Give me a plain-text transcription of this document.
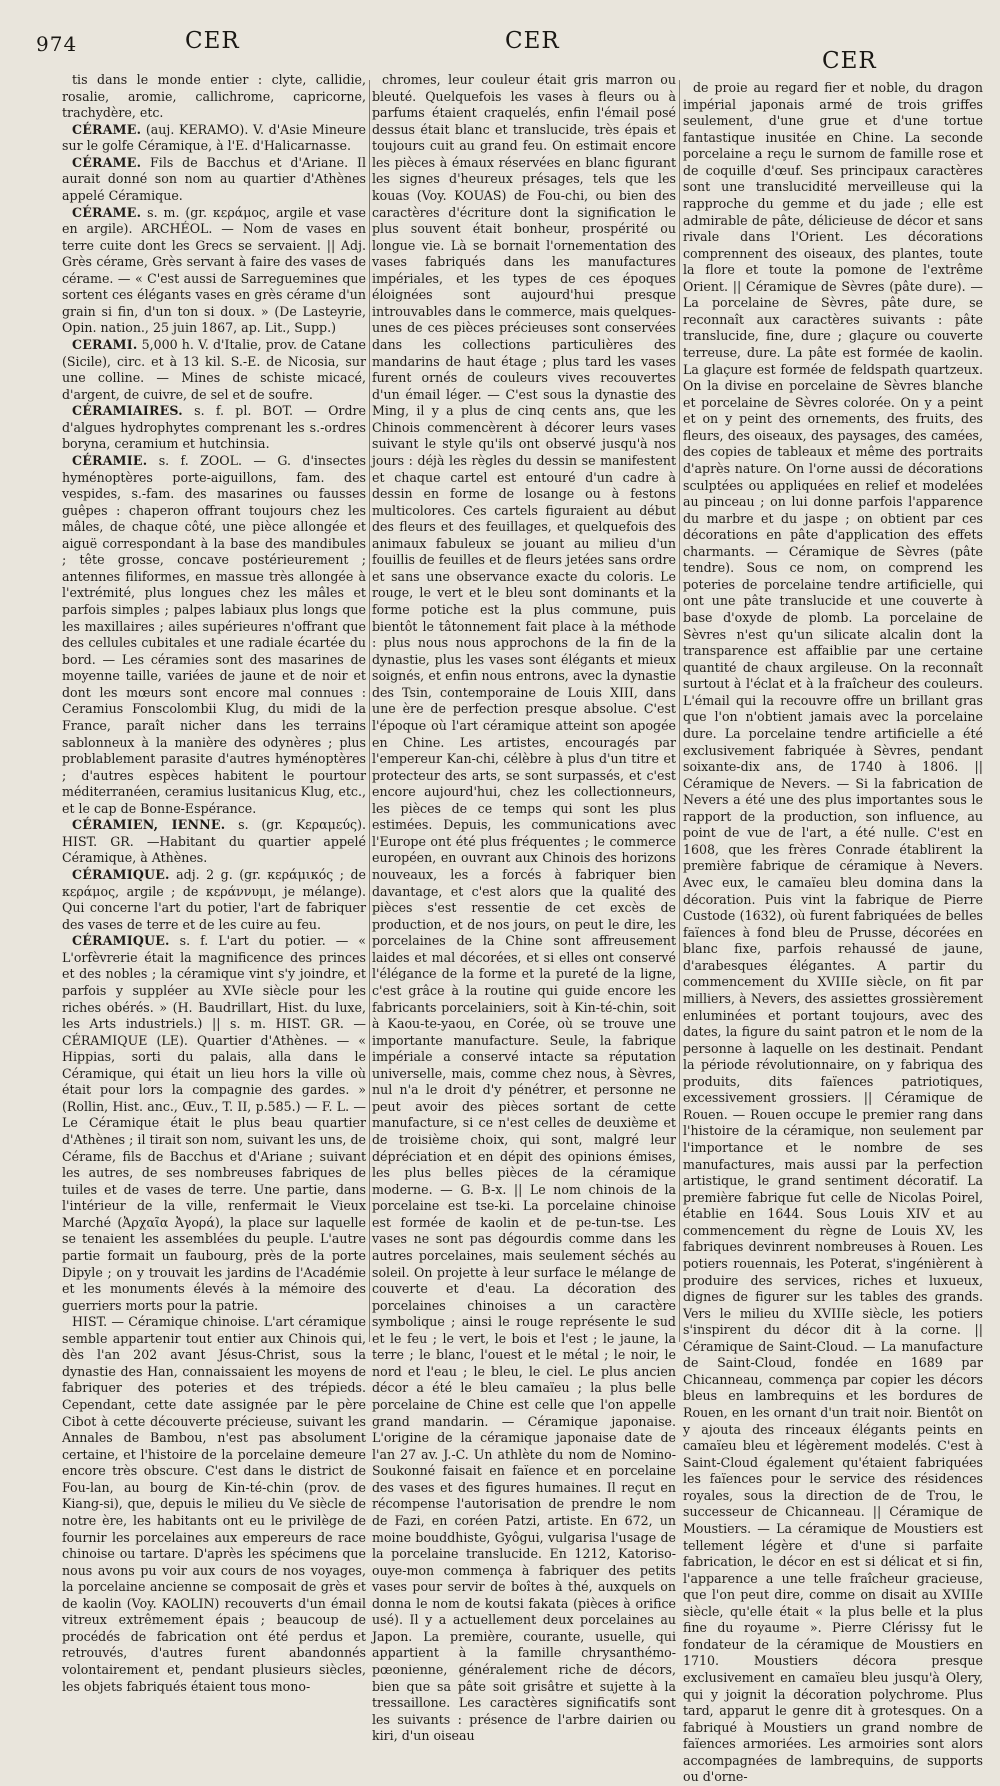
974	CER	CER
CER

tis dans le monde entier : clyte, callidie, rosalie, aromie, callichrome, capricorne, trachydère, etc.

CÉRAME. (auj. KERAMO). V. d'Asie Mineure sur le golfe Céramique, à l'E. d'Halicarnasse.

CÉRAME. Fils de Bacchus et d'Ariane. Il aurait donné son nom au quartier d'Athènes appelé Céramique.

CÉRAME. s. m. (gr. κεράμος, argile et vase en argile). ARCHÉOL. — Nom de vases en terre cuite dont les Grecs se servaient. || Adj. Grès cérame, Grès servant à faire des vases de cérame. — « C'est aussi de Sarreguemines que sortent ces élégants vases en grès cérame d'un grain si fin, d'un ton si doux. » (De Lasteyrie, Opin. nation., 25 juin 1867, ap. Lit., Supp.)

CERAMI. 5,000 h. V. d'Italie, prov. de Catane (Sicile), circ. et à 13 kil. S.-E. de Nicosia, sur une colline. — Mines de schiste micacé, d'argent, de cuivre, de sel et de soufre.

CÉRAMIAIRES. s. f. pl. BOT. — Ordre d'algues hydrophytes comprenant les s.-ordres boryna, ceramium et hutchinsia.

CÉRAMIE. s. f. ZOOL. — G. d'insectes hyménoptères porte-aiguillons, fam. des vespides, s.-fam. des masarines ou fausses guêpes : chaperon offrant toujours chez les mâles, de chaque côté, une pièce allongée et aiguë correspondant à la base des mandibules ; tête grosse, concave postérieurement ; antennes filiformes, en massue très allongée à l'extrémité, plus longues chez les mâles et parfois simples ; palpes labiaux plus longs que les maxillaires ; ailes supérieures n'offrant que des cellules cubitales et une radiale écartée du bord. — Les céramies sont des masarines de moyenne taille, variées de jaune et de noir et dont les mœurs sont encore mal connues : Ceramius Fonscolombii Klug, du midi de la France, paraît nicher dans les terrains sablonneux à la manière des odynères ; plus problablement parasite d'autres hyménoptères ; d'autres espèces habitent le pourtour méditerranéen, ceramius lusitanicus Klug, etc., et le cap de Bonne-Espérance.

CÉRAMIEN, IENNE. s. (gr. Κεραμεύς). HIST. GR. —Habitant du quartier appelé Céramique, à Athènes.

CÉRAMIQUE. adj. 2 g. (gr. κεράμικός ; de κεράμος, argile ; de κεράννυμι, je mélange). Qui concerne l'art du potier, l'art de fabriquer des vases de terre et de les cuire au feu.

CÉRAMIQUE. s. f. L'art du potier. — « L'orfèvrerie était la magnificence des princes et des nobles ; la céramique vint s'y joindre, et parfois y suppléer au XVIe siècle pour les riches obérés. » (H. Baudrillart, Hist. du luxe, les Arts industriels.) || s. m. HIST. GR. — CÉRAMIQUE (LE). Quartier d'Athènes. — « Hippias, sorti du palais, alla dans le Céramique, qui était un lieu hors la ville où était pour lors la compagnie des gardes. » (Rollin, Hist. anc., Œuv., T. II, p.585.) — F. L. — Le Céramique était le plus beau quartier d'Athènes ; il tirait son nom, suivant les uns, de Cérame, fils de Bacchus et d'Ariane ; suivant les autres, de ses nombreuses fabriques de tuiles et de vases de terre. Une partie, dans l'intérieur de la ville, renfermait le Vieux Marché (Ἀρχαῖα Ἀγορά), la place sur laquelle se tenaient les assemblées du peuple. L'autre partie formait un faubourg, près de la porte Dipyle ; on y trouvait les jardins de l'Académie et les monuments élevés à la mémoire des guerriers morts pour la patrie.

HIST. — Céramique chinoise. L'art céramique semble appartenir tout entier aux Chinois qui, dès l'an 202 avant Jésus-Christ, sous la dynastie des Han, connaissaient les moyens de fabriquer des poteries et des trépieds. Cependant, cette date assignée par le père Cibot à cette découverte précieuse, suivant les Annales de Bambou, n'est pas absolument certaine, et l'histoire de la porcelaine demeure encore très obscure. C'est dans le district de Fou-lan, au bourg de Kin-té-chin (prov. de Kiang-si), que, depuis le milieu du Ve siècle de notre ère, les habitants ont eu le privilège de fournir les porcelaines aux empereurs de race chinoise ou tartare. D'après les spécimens que nous avons pu voir aux cours de nos voyages, la porcelaine ancienne se composait de grès et de kaolin (Voy. KAOLIN) recouverts d'un émail vitreux extrêmement épais ; beaucoup de procédés de fabrication ont été perdus et retrouvés, d'autres furent abandonnés volontairement et, pendant plusieurs siècles, les objets fabriqués étaient tous mono-

chromes, leur couleur était gris marron ou bleuté. Quelquefois les vases à fleurs ou à parfums étaient craquelés, enfin l'émail posé dessus était blanc et translucide, très épais et toujours cuit au grand feu. On estimait encore les pièces à émaux réservées en blanc figurant les signes d'heureux présages, tels que les kouas (Voy. KOUAS) de Fou-chi, ou bien des caractères d'écriture dont la signification le plus souvent était bonheur, prospérité ou longue vie. Là se bornait l'ornementation des vases fabriqués dans les manufactures impériales, et les types de ces époques éloignées sont aujourd'hui presque introuvables dans le commerce, mais quelques-unes de ces pièces précieuses sont conservées dans les collections particulières des mandarins de haut étage ; plus tard les vases furent ornés de couleurs vives recouvertes d'un émail léger. — C'est sous la dynastie des Ming, il y a plus de cinq cents ans, que les Chinois commencèrent à décorer leurs vases suivant le style qu'ils ont observé jusqu'à nos jours : déjà les règles du dessin se manifestent et chaque cartel est entouré d'un cadre à dessin en forme de losange ou à festons multicolores. Ces cartels figuraient au début des fleurs et des feuillages, et quelquefois des animaux fabuleux se jouant au milieu d'un fouillis de feuilles et de fleurs jetées sans ordre et sans une observance exacte du coloris. Le rouge, le vert et le bleu sont dominants et la forme potiche est la plus commune, puis bientôt le tâtonnement fait place à la méthode : plus nous nous approchons de la fin de la dynastie, plus les vases sont élégants et mieux soignés, et enfin nous entrons, avec la dynastie des Tsin, contemporaine de Louis XIII, dans une ère de perfection presque absolue. C'est l'époque où l'art céramique atteint son apogée en Chine. Les artistes, encouragés par l'empereur Kan-chi, célèbre à plus d'un titre et protecteur des arts, se sont surpassés, et c'est encore aujourd'hui, chez les collectionneurs, les pièces de ce temps qui sont les plus estimées. Depuis, les communications avec l'Europe ont été plus fréquentes ; le commerce européen, en ouvrant aux Chinois des horizons nouveaux, les a forcés à fabriquer bien davantage, et c'est alors que la qualité des pièces s'est ressentie de cet excès de production, et de nos jours, on peut le dire, les porcelaines de la Chine sont affreusement laides et mal décorées, et si elles ont conservé l'élégance de la forme et la pureté de la ligne, c'est grâce à la routine qui guide encore les fabricants porcelainiers, soit à Kin-té-chin, soit à Kaou-te-yaou, en Corée, où se trouve une importante manufacture. Seule, la fabrique impériale a conservé intacte sa réputation universelle, mais, comme chez nous, à Sèvres, nul n'a le droit d'y pénétrer, et personne ne peut avoir des pièces sortant de cette manufacture, si ce n'est celles de deuxième et de troisième choix, qui sont, malgré leur dépréciation et en dépit des opinions émises, les plus belles pièces de la céramique moderne. — G. B-x. || Le nom chinois de la porcelaine est tse-ki. La porcelaine chinoise est formée de kaolin et de pe-tun-tse. Les vases ne sont pas dégourdis comme dans les autres porcelaines, mais seulement séchés au soleil. On projette à leur surface le mélange de couverte et d'eau. La décoration des porcelaines chinoises a un caractère symbolique ; ainsi le rouge représente le sud et le feu ; le vert, le bois et l'est ; le jaune, la terre ; le blanc, l'ouest et le métal ; le noir, le nord et l'eau ; le bleu, le ciel. Le plus ancien décor a été le bleu camaïeu ; la plus belle porcelaine de Chine est celle que l'on appelle grand mandarin. — Céramique japonaise. L'origine de la céramique japonaise date de l'an 27 av. J.-C. Un athlète du nom de Nomino-Soukonné faisait en faïence et en porcelaine des vases et des figures humaines. Il reçut en récompense l'autorisation de prendre le nom de Fazi, en coréen Patzi, artiste. En 672, un moine bouddhiste, Gyôgui, vulgarisa l'usage de la porcelaine translucide. En 1212, Katoriso-ouye-mon commença à fabriquer des petits vases pour servir de boîtes à thé, auxquels on donna le nom de koutsi fakata (pièces à orifice usé). Il y a actuellement deux porcelaines au Japon. La première, courante, usuelle, qui appartient à la famille chrysanthémo-pœonienne, généralement riche de décors, bien que sa pâte soit grisâtre et sujette à la tressaillone. Les caractères significatifs sont les suivants : présence de l'arbre dairien ou kiri, d'un oiseau

de proie au regard fier et noble, du dragon impérial japonais armé de trois griffes seulement, d'une grue et d'une tortue fantastique inusitée en Chine. La seconde porcelaine a reçu le surnom de famille rose et de coquille d'œuf. Ses principaux caractères sont une translucidité merveilleuse qui la rapproche du gemme et du jade ; elle est admirable de pâte, délicieuse de décor et sans rivale dans l'Orient. Les décorations comprennent des oiseaux, des plantes, toute la flore et toute la pomone de l'extrême Orient. || Céramique de Sèvres (pâte dure). — La porcelaine de Sèvres, pâte dure, se reconnaît aux caractères suivants : pâte translucide, fine, dure ; glaçure ou couverte terreuse, dure. La pâte est formée de kaolin. La glaçure est formée de feldspath quartzeux. On la divise en porcelaine de Sèvres blanche et porcelaine de Sèvres colorée. On y a peint et on y peint des ornements, des fruits, des fleurs, des oiseaux, des paysages, des camées, des copies de tableaux et même des portraits d'après nature. On l'orne aussi de décorations sculptées ou appliquées en relief et modelées au pinceau ; on lui donne parfois l'apparence du marbre et du jaspe ; on obtient par ces décorations en pâte d'application des effets charmants. — Céramique de Sèvres (pâte tendre). Sous ce nom, on comprend les poteries de porcelaine tendre artificielle, qui ont une pâte translucide et une couverte à base d'oxyde de plomb. La porcelaine de Sèvres n'est qu'un silicate alcalin dont la transparence est affaiblie par une certaine quantité de chaux argileuse. On la reconnaît surtout à l'éclat et à la fraîcheur des couleurs. L'émail qui la recouvre offre un brillant gras que l'on n'obtient jamais avec la porcelaine dure. La porcelaine tendre artificielle a été exclusivement fabriquée à Sèvres, pendant soixante-dix ans, de 1740 à 1806. || Céramique de Nevers. — Si la fabrication de Nevers a été une des plus importantes sous le rapport de la production, son influence, au point de vue de l'art, a été nulle. C'est en 1608, que les frères Conrade établirent la première fabrique de céramique à Nevers. Avec eux, le camaïeu bleu domina dans la décoration. Puis vint la fabrique de Pierre Custode (1632), où furent fabriquées de belles faïences à fond bleu de Prusse, décorées en blanc fixe, parfois rehaussé de jaune, d'arabesques élégantes. A partir du commencement du XVIIIe siècle, on fit par milliers, à Nevers, des assiettes grossièrement enluminées et portant toujours, avec des dates, la figure du saint patron et le nom de la personne à laquelle on les destinait. Pendant la période révolutionnaire, on y fabriqua des produits, dits faïences patriotiques, excessivement grossiers. || Céramique de Rouen. — Rouen occupe le premier rang dans l'histoire de la céramique, non seulement par l'importance et le nombre de ses manufactures, mais aussi par la perfection artistique, le grand sentiment décoratif. La première fabrique fut celle de Nicolas Poirel, établie en 1644. Sous Louis XIV et au commencement du règne de Louis XV, les fabriques devinrent nombreuses à Rouen. Les potiers rouennais, les Poterat, s'ingénièrent à produire des services, riches et luxueux, dignes de figurer sur les tables des grands. Vers le milieu du XVIIIe siècle, les potiers s'inspirent du décor dit à la corne. || Céramique de Saint-Cloud. — La manufacture de Saint-Cloud, fondée en 1689 par Chicanneau, commença par copier les décors bleus en lambrequins et les bordures de Rouen, en les ornant d'un trait noir. Bientôt on y ajouta des rinceaux élégants peints en camaïeu bleu et légèrement modelés. C'est à Saint-Cloud également qu'étaient fabriquées les faïences pour le service des résidences royales, sous la direction de de Trou, le successeur de Chicanneau. || Céramique de Moustiers. — La céramique de Moustiers est tellement légère et d'une si parfaite fabrication, le décor en est si délicat et si fin, l'apparence a une telle fraîcheur gracieuse, que l'on peut dire, comme on disait au XVIIIe siècle, qu'elle était « la plus belle et la plus fine du royaume ». Pierre Clérissy fut le fondateur de la céramique de Moustiers en 1710. Moustiers décora presque exclusivement en camaïeu bleu jusqu'à Olery, qui y joignit la décoration polychrome. Plus tard, apparut le genre dit à grotesques. On a fabriqué à Moustiers un grand nombre de faïences armoriées. Les armoiries sont alors accompagnées de lambrequins, de supports ou d'orne-
